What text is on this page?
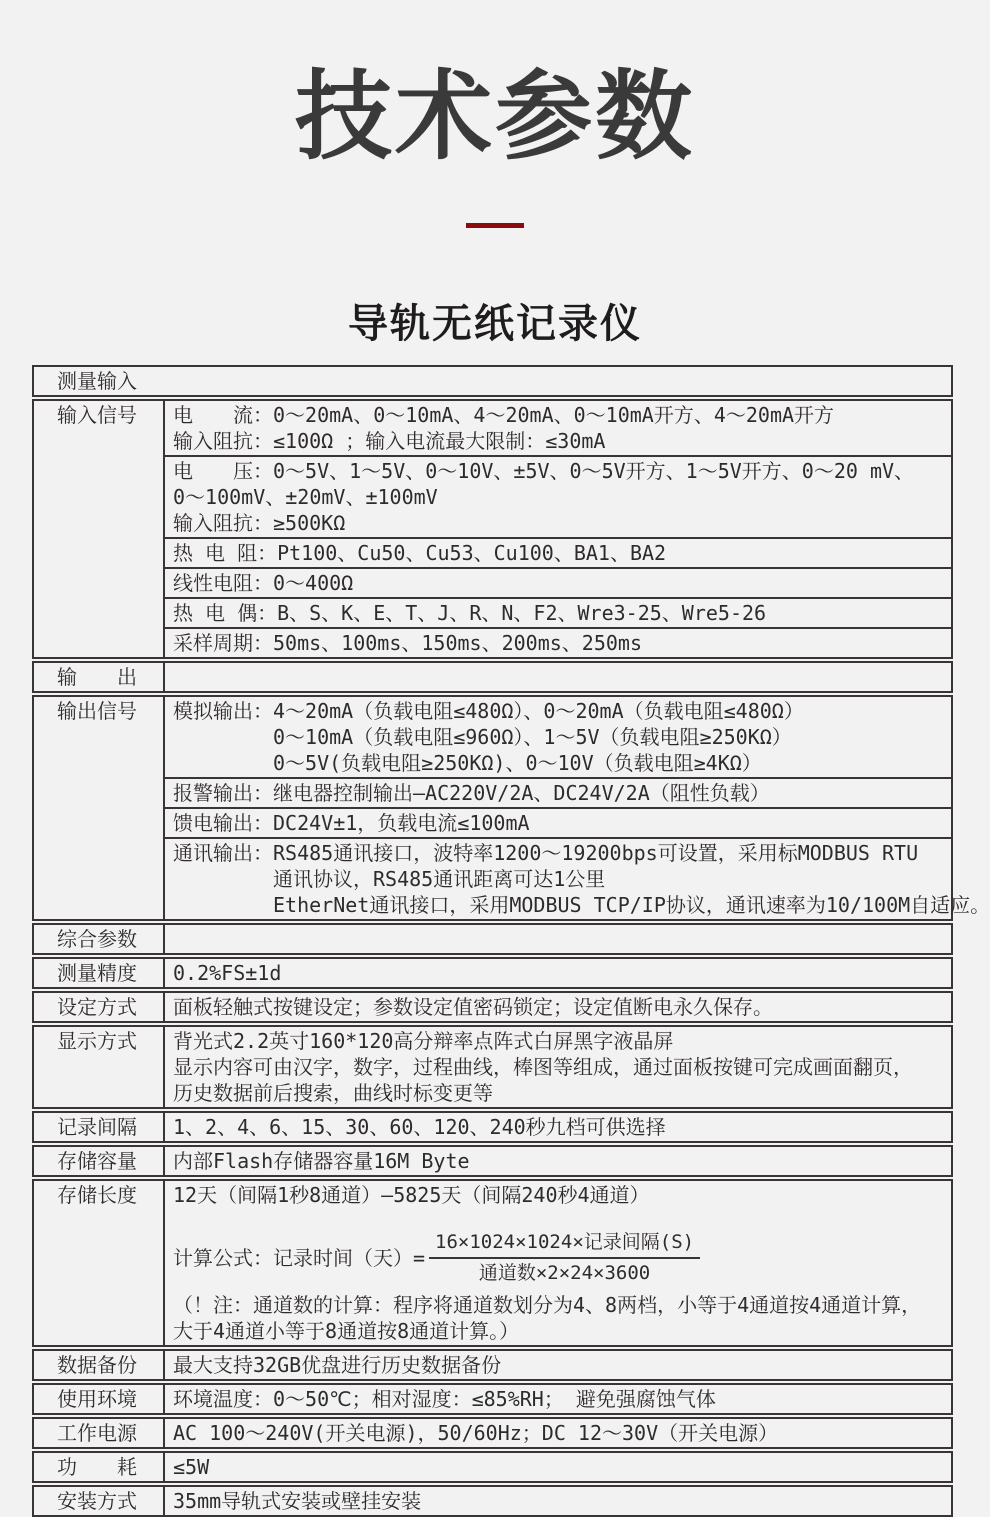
技术参数
导轨无纸记录仪
测量输入
输入信号	电　　流：0～20mA、0～10mA、4～20mA、0～10mA开方、4～20mA开方
输入阻抗：≤100Ω ；输入电流最大限制：≤30mA
电　　压：0～5V、1～5V、0～10V、±5V、0～5V开方、1～5V开方、0～20 mV、
0～100mV、±20mV、±100mV
输入阻抗：≥500KΩ
热 电 阻：Pt100、Cu50、Cu53、Cu100、BA1、BA2
线性电阻：0～400Ω
热 电 偶：B、S、K、E、T、J、R、N、F2、Wre3-25、Wre5-26
采样周期：50ms、100ms、150ms、200ms、250ms
输　　出
输出信号	模拟输出：4～20mA（负载电阻≤480Ω）、0～20mA（负载电阻≤480Ω）
0～10mA（负载电阻≤960Ω）、1～5V（负载电阻≥250KΩ）
0～5V(负载电阻≥250KΩ)、0～10V（负载电阻≥4KΩ）
报警输出：继电器控制输出—AC220V/2A、DC24V/2A（阻性负载）
馈电输出：DC24V±1，负载电流≤100mA
通讯输出：RS485通讯接口，波特率1200～19200bps可设置，采用标MODBUS RTU
通讯协议，RS485通讯距离可达1公里
EtherNet通讯接口，采用MODBUS TCP/IP协议，通讯速率为10/100M自适应。
综合参数
测量精度	0.2%FS±1d
设定方式	面板轻触式按键设定；参数设定值密码锁定；设定值断电永久保存。
显示方式	背光式2.2英寸160*120高分辩率点阵式白屏黑字液晶屏
显示内容可由汉字，数字，过程曲线，棒图等组成，通过面板按键可完成画面翻页，
历史数据前后搜索，曲线时标变更等
记录间隔	1、2、4、6、15、30、60、120、240秒九档可供选择
存储容量	内部Flash存储器容量16M Byte
存储长度	12天（间隔1秒8通道）—5825天（间隔240秒4通道）
计算公式：记录时间（天）= $\frac{\text{16×1024×1024×记录间隔(S)}}{\text{通道数×2×24×3600}}$
（！注：通道数的计算：程序将通道数划分为4、8两档，小等于4通道按4通道计算，
大于4通道小等于8通道按8通道计算。）
数据备份	最大支持32GB优盘进行历史数据备份
使用环境	环境温度：0～50℃；相对湿度：≤85%RH； 避免强腐蚀气体
工作电源	AC 100～240V(开关电源)，50/60Hz；DC 12～30V（开关电源）
功　　耗	≤5W
安装方式	35mm导轨式安装或壁挂安装
